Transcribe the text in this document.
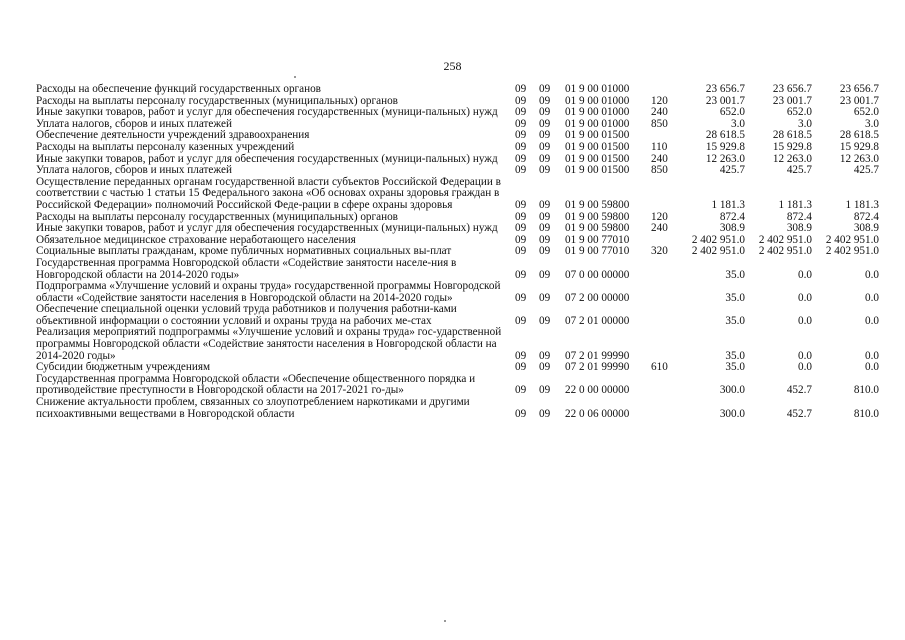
258
Расходы на обеспечение функций государственных органов	09	09	01 9 00 01000		23 656.7	23 656.7	23 656.7
Расходы на выплаты персоналу государственных (муниципальных) органов	09	09	01 9 00 01000	120	23 001.7	23 001.7	23 001.7
Иные закупки товаров, работ и услуг для обеспечения государственных (муници-пальных) нужд	09	09	01 9 00 01000	240	652.0	652.0	652.0
Уплата налогов, сборов и иных платежей	09	09	01 9 00 01000	850	3.0	3.0	3.0
Обеспечение деятельности учреждений здравоохранения	09	09	01 9 00 01500		28 618.5	28 618.5	28 618.5
Расходы на выплаты персоналу казенных учреждений	09	09	01 9 00 01500	110	15 929.8	15 929.8	15 929.8
Иные закупки товаров, работ и услуг для обеспечения государственных (муници-пальных) нужд	09	09	01 9 00 01500	240	12 263.0	12 263.0	12 263.0
Уплата налогов, сборов и иных платежей	09	09	01 9 00 01500	850	425.7	425.7	425.7
Осуществление переданных органам государственной власти субъектов Российской Федерации в соответствии с частью 1 статьи 15 Федерального закона «Об основах охраны здоровья граждан в Российской Федерации» полномочий Российской Феде-рации в сфере охраны здоровья	09	09	01 9 00 59800		1 181.3	1 181.3	1 181.3
Расходы на выплаты персоналу государственных (муниципальных) органов	09	09	01 9 00 59800	120	872.4	872.4	872.4
Иные закупки товаров, работ и услуг для обеспечения государственных (муници-пальных) нужд	09	09	01 9 00 59800	240	308.9	308.9	308.9
Обязательное медицинское страхование неработающего населения	09	09	01 9 00 77010		2 402 951.0	2 402 951.0	2 402 951.0
Социальные выплаты гражданам, кроме публичных нормативных социальных вы-плат	09	09	01 9 00 77010	320	2 402 951.0	2 402 951.0	2 402 951.0
Государственная программа Новгородской области «Содействие занятости населе-ния в Новгородской области на 2014-2020 годы»	09	09	07 0 00 00000		35.0	0.0	0.0
Подпрограмма «Улучшение условий и охраны труда» государственной программы Новгородской области «Содействие занятости населения в Новгородской области на 2014-2020 годы»	09	09	07 2 00 00000		35.0	0.0	0.0
Обеспечение специальной оценки условий труда работников и получения работни-ками объективной информации о состоянии условий и охраны труда на рабочих ме-стах	09	09	07 2 01 00000		35.0	0.0	0.0
Реализация мероприятий подпрограммы «Улучшение условий и охраны труда» гос-ударственной программы Новгородской области «Содействие занятости населения в Новгородской области на 2014-2020 годы»	09	09	07 2 01 99990		35.0	0.0	0.0
Субсидии бюджетным учреждениям	09	09	07 2 01 99990	610	35.0	0.0	0.0
Государственная программа Новгородской области «Обеспечение общественного порядка и противодействие преступности в Новгородской области на 2017-2021 го-ды»	09	09	22 0 00 00000		300.0	452.7	810.0
Снижение актуальности проблем, связанных со злоупотреблением наркотиками и другими психоактивными веществами в Новгородской области	09	09	22 0 06 00000		300.0	452.7	810.0
